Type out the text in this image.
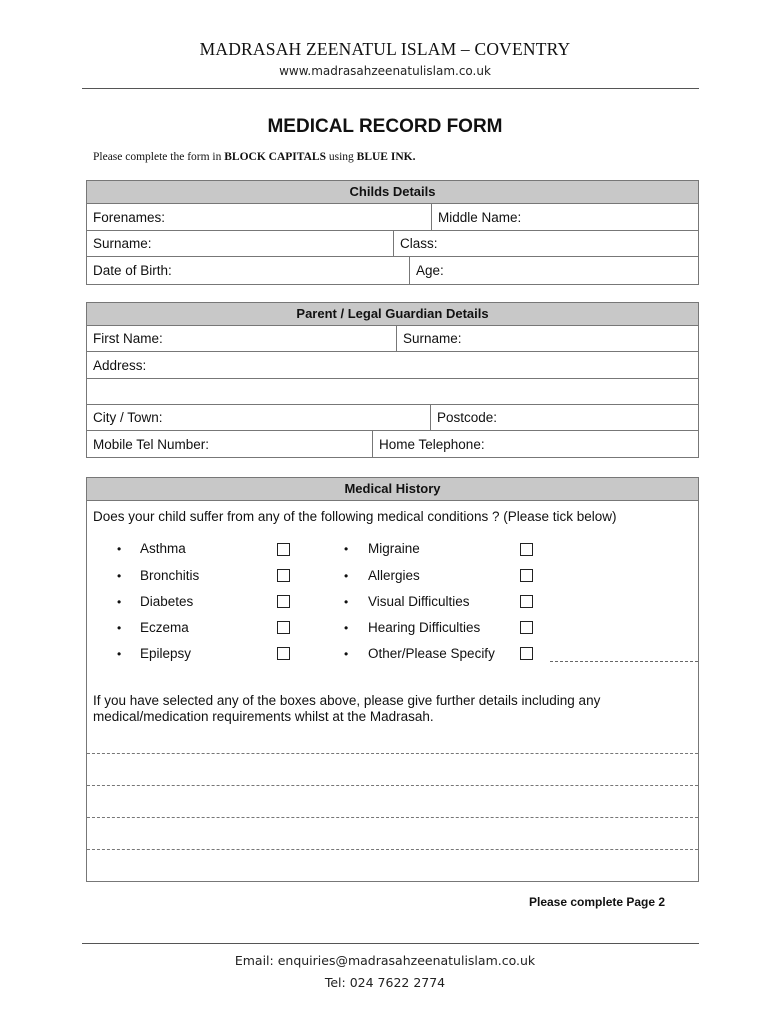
MADRASAH ZEENATUL ISLAM – COVENTRY
www.madrasahzeenatulislam.co.uk
MEDICAL RECORD FORM
Please complete the form in BLOCK CAPITALS using BLUE INK.
Childs Details
Forenames:	Middle Name:
Surname:	Class:
Date of Birth:	Age:
Parent / Legal Guardian Details
First Name:	Surname:
Address:
City / Town:	Postcode:
Mobile Tel Number:	Home Telephone:
Medical History
Does your child suffer from any of the following medical conditions ? (Please tick below)
• Asthma
• Bronchitis
• Diabetes
• Eczema
• Epilepsy
• Migraine
• Allergies
• Visual Difficulties
• Hearing Difficulties
• Other/Please Specify
If you have selected any of the boxes above, please give further details including any medical/medication requirements whilst at the Madrasah.
Please complete Page 2
Email: enquiries@madrasahzeenatulislam.co.uk
Tel: 024 7622 2774
